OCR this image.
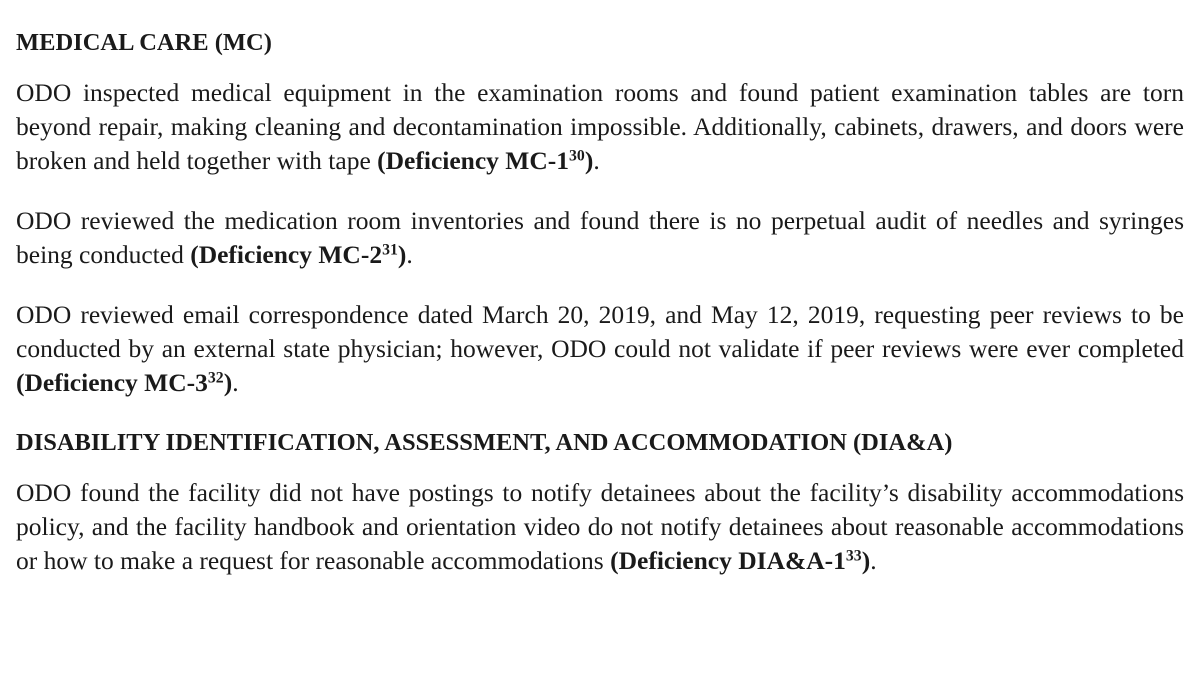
MEDICAL CARE (MC)

ODO inspected medical equipment in the examination rooms and found patient examination tables are torn beyond repair, making cleaning and decontamination impossible. Additionally, cabinets, drawers, and doors were broken and held together with tape (Deficiency $MC-1^{30}$).

ODO reviewed the medication room inventories and found there is no perpetual audit of needles and syringes being conducted (Deficiency $MC-2^{31}$).

ODO reviewed email correspondence dated March 20, 2019, and May 12, 2019, requesting peer reviews to be conducted by an external state physician; however, ODO could not validate if peer reviews were ever completed (Deficiency $MC-3^{32}$).

DISABILITY IDENTIFICATION, ASSESSMENT, AND ACCOMMODATION (DIA&A)

ODO found the facility did not have postings to notify detainees about the facility’s disability accommodations policy, and the facility handbook and orientation video do not notify detainees about reasonable accommodations or how to make a request for reasonable accommodations (Deficiency $DIA\&A-1^{33}$).
